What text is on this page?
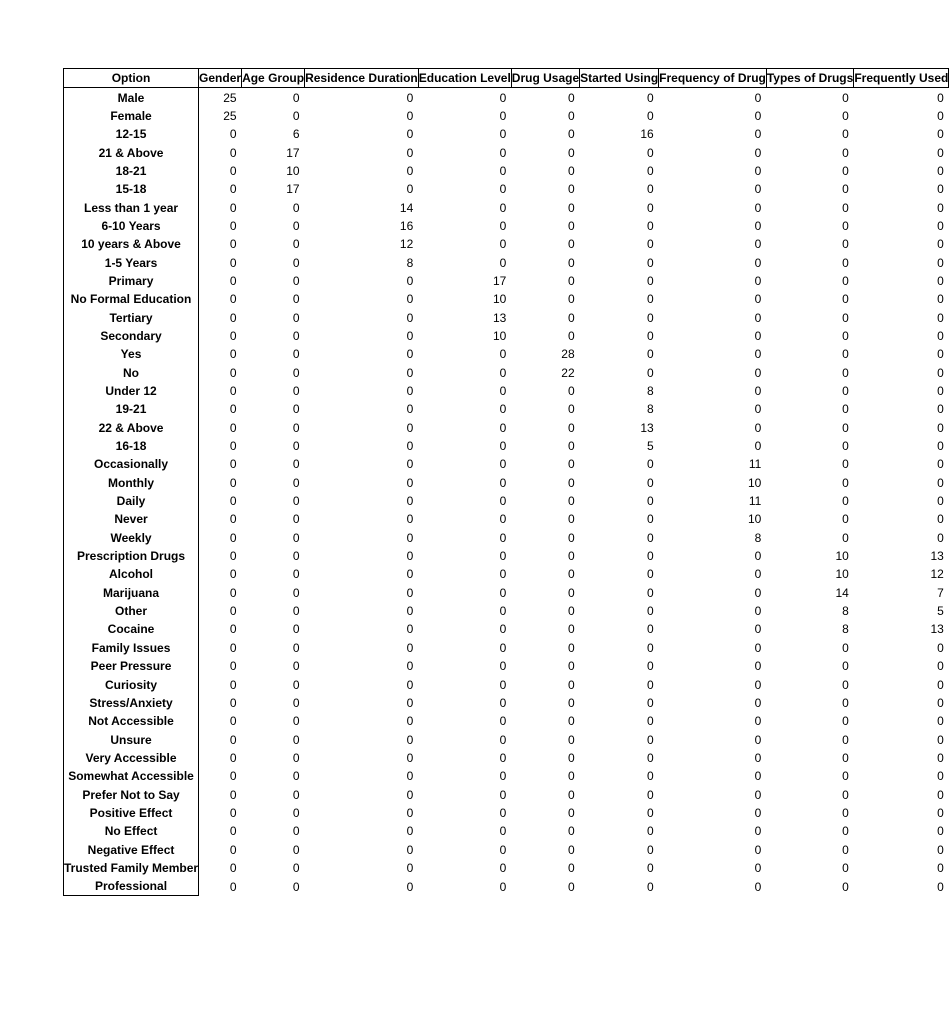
Option	Gender	Age Group	Residence Duration	Education Level	Drug Usage	Started Using	Frequency of Drug	Types of Drugs	Frequently Used
Male	25	0	0	0	0	0	0	0	0
Female	25	0	0	0	0	0	0	0	0
12-15	0	6	0	0	0	16	0	0	0
21 & Above	0	17	0	0	0	0	0	0	0
18-21	0	10	0	0	0	0	0	0	0
15-18	0	17	0	0	0	0	0	0	0
Less than 1 year	0	0	14	0	0	0	0	0	0
6-10 Years	0	0	16	0	0	0	0	0	0
10 years & Above	0	0	12	0	0	0	0	0	0
1-5 Years	0	0	8	0	0	0	0	0	0
Primary	0	0	0	17	0	0	0	0	0
No Formal Education	0	0	0	10	0	0	0	0	0
Tertiary	0	0	0	13	0	0	0	0	0
Secondary	0	0	0	10	0	0	0	0	0
Yes	0	0	0	0	28	0	0	0	0
No	0	0	0	0	22	0	0	0	0
Under 12	0	0	0	0	0	8	0	0	0
19-21	0	0	0	0	0	8	0	0	0
22 & Above	0	0	0	0	0	13	0	0	0
16-18	0	0	0	0	0	5	0	0	0
Occasionally	0	0	0	0	0	0	11	0	0
Monthly	0	0	0	0	0	0	10	0	0
Daily	0	0	0	0	0	0	11	0	0
Never	0	0	0	0	0	0	10	0	0
Weekly	0	0	0	0	0	0	8	0	0
Prescription Drugs	0	0	0	0	0	0	0	10	13
Alcohol	0	0	0	0	0	0	0	10	12
Marijuana	0	0	0	0	0	0	0	14	7
Other	0	0	0	0	0	0	0	8	5
Cocaine	0	0	0	0	0	0	0	8	13
Family Issues	0	0	0	0	0	0	0	0	0
Peer Pressure	0	0	0	0	0	0	0	0	0
Curiosity	0	0	0	0	0	0	0	0	0
Stress/Anxiety	0	0	0	0	0	0	0	0	0
Not Accessible	0	0	0	0	0	0	0	0	0
Unsure	0	0	0	0	0	0	0	0	0
Very Accessible	0	0	0	0	0	0	0	0	0
Somewhat Accessible	0	0	0	0	0	0	0	0	0
Prefer Not to Say	0	0	0	0	0	0	0	0	0
Positive Effect	0	0	0	0	0	0	0	0	0
No Effect	0	0	0	0	0	0	0	0	0
Negative Effect	0	0	0	0	0	0	0	0	0
Trusted Family Member	0	0	0	0	0	0	0	0	0
Professional	0	0	0	0	0	0	0	0	0
